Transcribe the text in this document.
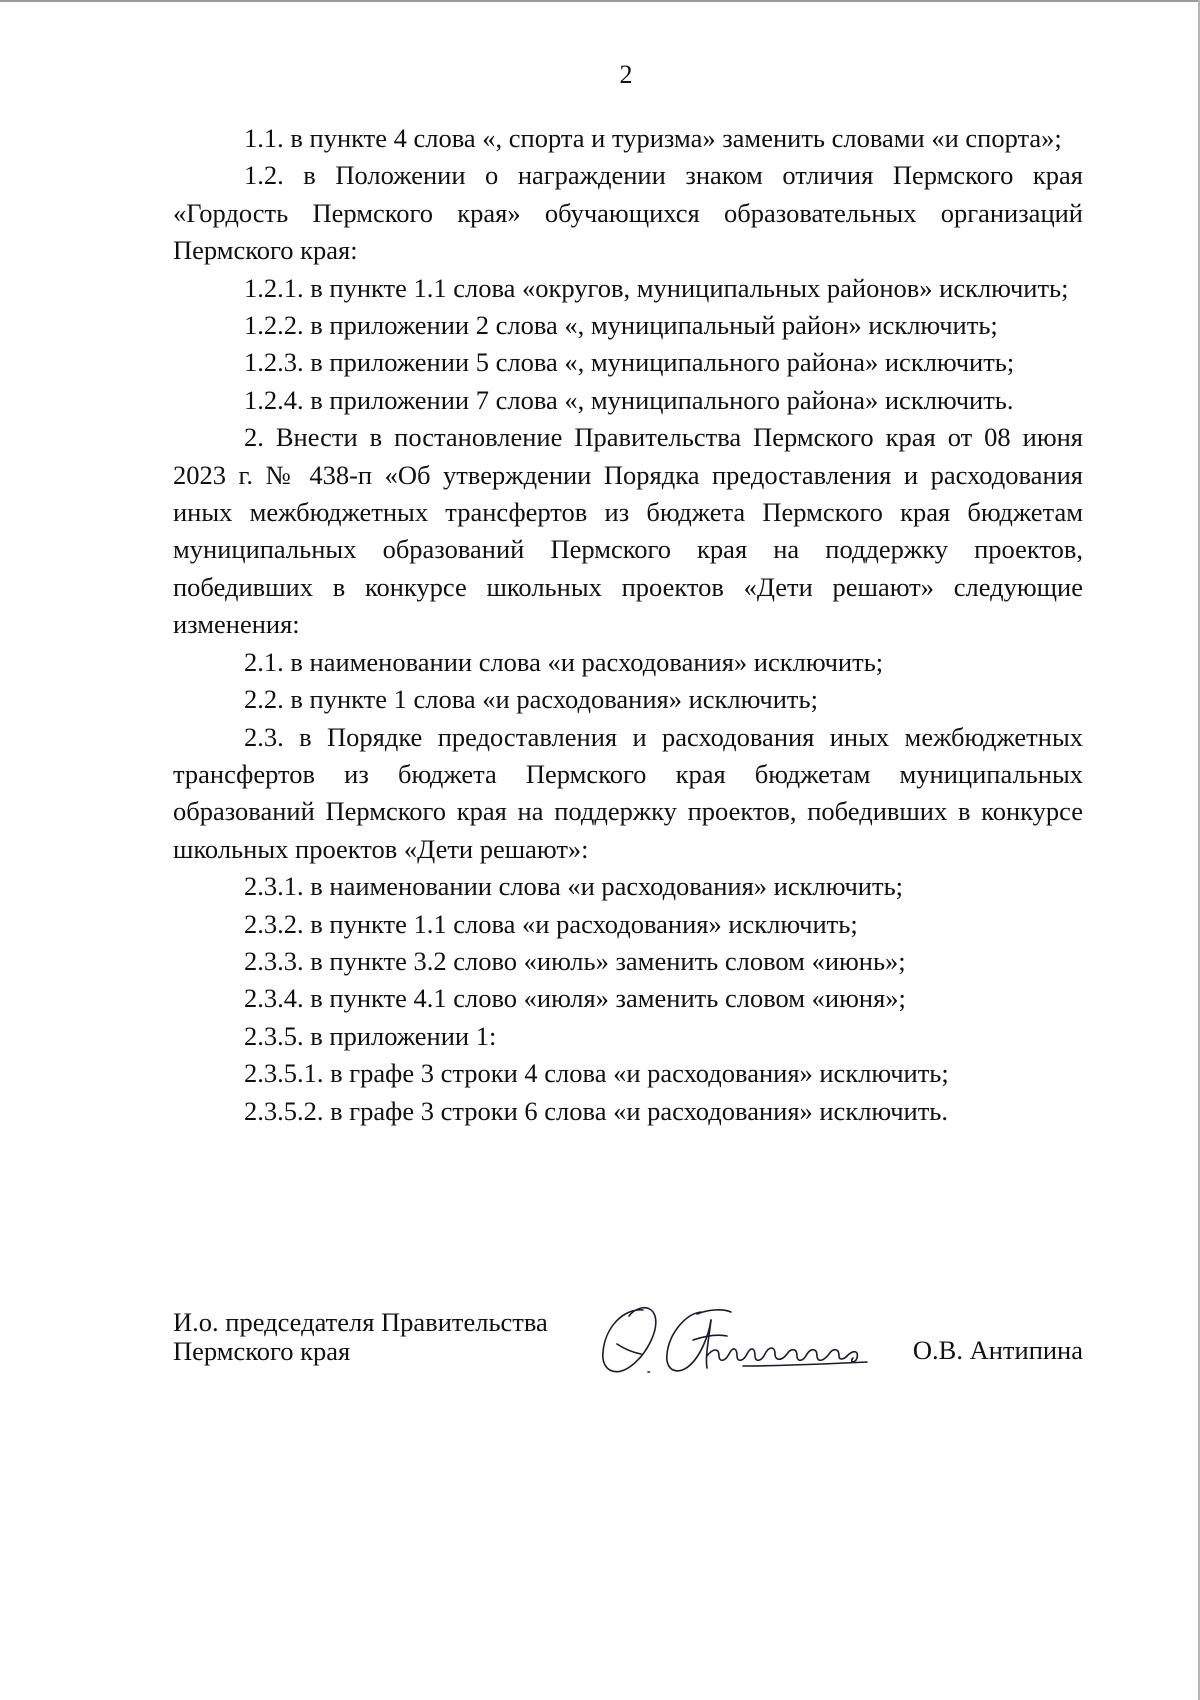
2

1.1. в пункте 4 слова «, спорта и туризма» заменить словами «и спорта»;

1.2. в Положении о награждении знаком отличия Пермского края «Гордость Пермского края» обучающихся образовательных организаций Пермского края:

1.2.1. в пункте 1.1 слова «округов, муниципальных районов» исключить;

1.2.2. в приложении 2 слова «, муниципальный район» исключить;

1.2.3. в приложении 5 слова «, муниципального района» исключить;

1.2.4. в приложении 7 слова «, муниципального района» исключить.

2. Внести в постановление Правительства Пермского края от 08 июня 2023 г. № 438-п «Об утверждении Порядка предоставления и расходования иных межбюджетных трансфертов из бюджета Пермского края бюджетам муниципальных образований Пермского края на поддержку проектов, победивших в конкурсе школьных проектов «Дети решают» следующие изменения:

2.1. в наименовании слова «и расходования» исключить;

2.2. в пункте 1 слова «и расходования» исключить;

2.3. в Порядке предоставления и расходования иных межбюджетных трансфертов из бюджета Пермского края бюджетам муниципальных образований Пермского края на поддержку проектов, победивших в конкурсе школьных проектов «Дети решают»:

2.3.1. в наименовании слова «и расходования» исключить;

2.3.2. в пункте 1.1 слова «и расходования» исключить;

2.3.3. в пункте 3.2 слово «июль» заменить словом «июнь»;

2.3.4. в пункте 4.1 слово «июля» заменить словом «июня»;

2.3.5. в приложении 1:

2.3.5.1. в графе 3 строки 4 слова «и расходования» исключить;

2.3.5.2. в графе 3 строки 6 слова «и расходования» исключить.

И.о. председателя Правительства
Пермского края	О.В. Антипина
